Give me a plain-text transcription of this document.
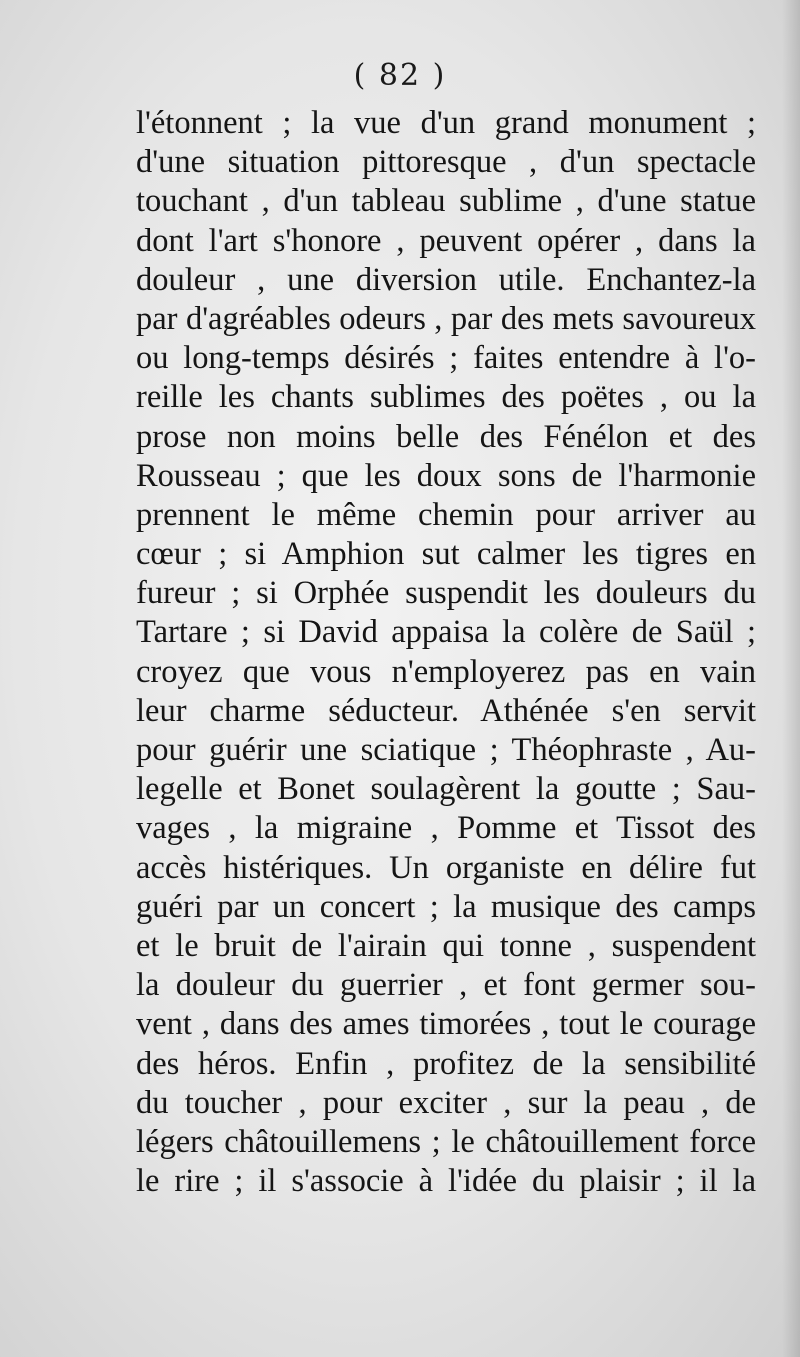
( 82 )
l'étonnent ; la vue d'un grand monument ;
d'une situation pittoresque , d'un spectacle
touchant , d'un tableau sublime , d'une statue
dont l'art s'honore , peuvent opérer , dans la
douleur , une diversion utile. Enchantez-la
par d'agréables odeurs , par des mets savoureux
ou long-temps désirés ; faites entendre à l'o-
reille les chants sublimes des poëtes , ou la
prose non moins belle des Fénélon et des
Rousseau ; que les doux sons de l'harmonie
prennent le même chemin pour arriver au
cœur ; si Amphion sut calmer les tigres en
fureur ; si Orphée suspendit les douleurs du
Tartare ; si David appaisa la colère de Saül ;
croyez que vous n'employerez pas en vain
leur charme séducteur. Athénée s'en servit
pour guérir une sciatique ; Théophraste , Au-
legelle et Bonet soulagèrent la goutte ; Sau-
vages , la migraine , Pomme et Tissot des
accès histériques. Un organiste en délire fut
guéri par un concert ; la musique des camps
et le bruit de l'airain qui tonne , suspendent
la douleur du guerrier , et font germer sou-
vent , dans des ames timorées , tout le courage
des héros. Enfin , profitez de la sensibilité
du toucher , pour exciter , sur la peau , de
légers châtouillemens ; le châtouillement force
le rire ; il s'associe à l'idée du plaisir ; il la
